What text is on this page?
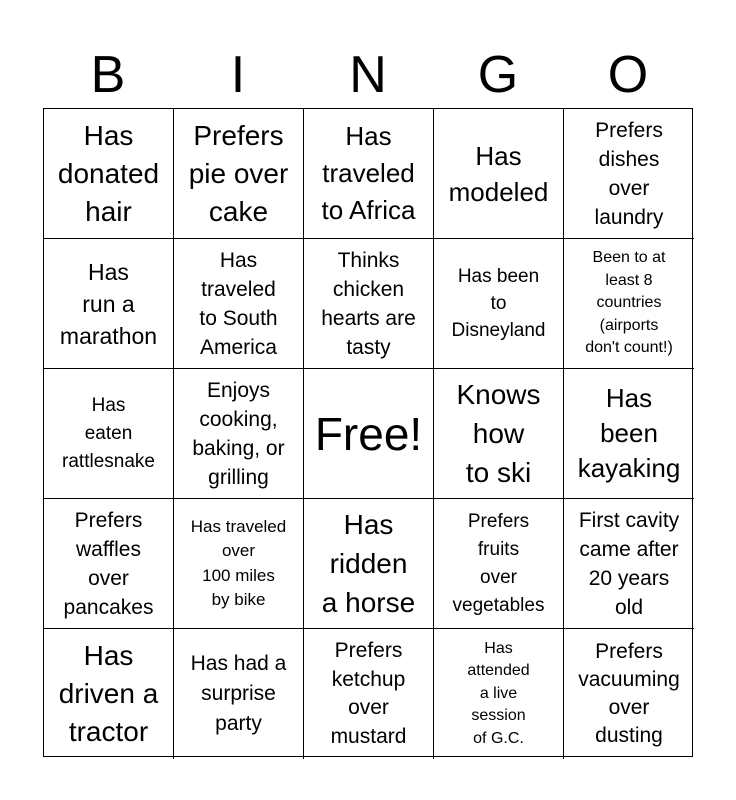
B	I	N	G	O
Has
donated
hair
Prefers
pie over
cake
Has
traveled
to Africa
Has
modeled
Prefers
dishes
over
laundry
Has
run a
marathon
Has
traveled
to South
America
Thinks
chicken
hearts are
tasty
Has been
to
Disneyland
Been to at
least 8
countries
(airports
don't count!)
Has
eaten
rattlesnake
Enjoys
cooking,
baking, or
grilling
Free!
Knows
how
to ski
Has
been
kayaking
Prefers
waffles
over
pancakes
Has traveled
over
100 miles
by bike
Has
ridden
a horse
Prefers
fruits
over
vegetables
First cavity
came after
20 years
old
Has
driven a
tractor
Has had a
surprise
party
Prefers
ketchup
over
mustard
Has
attended
a live
session
of G.C.
Prefers
vacuuming
over
dusting
